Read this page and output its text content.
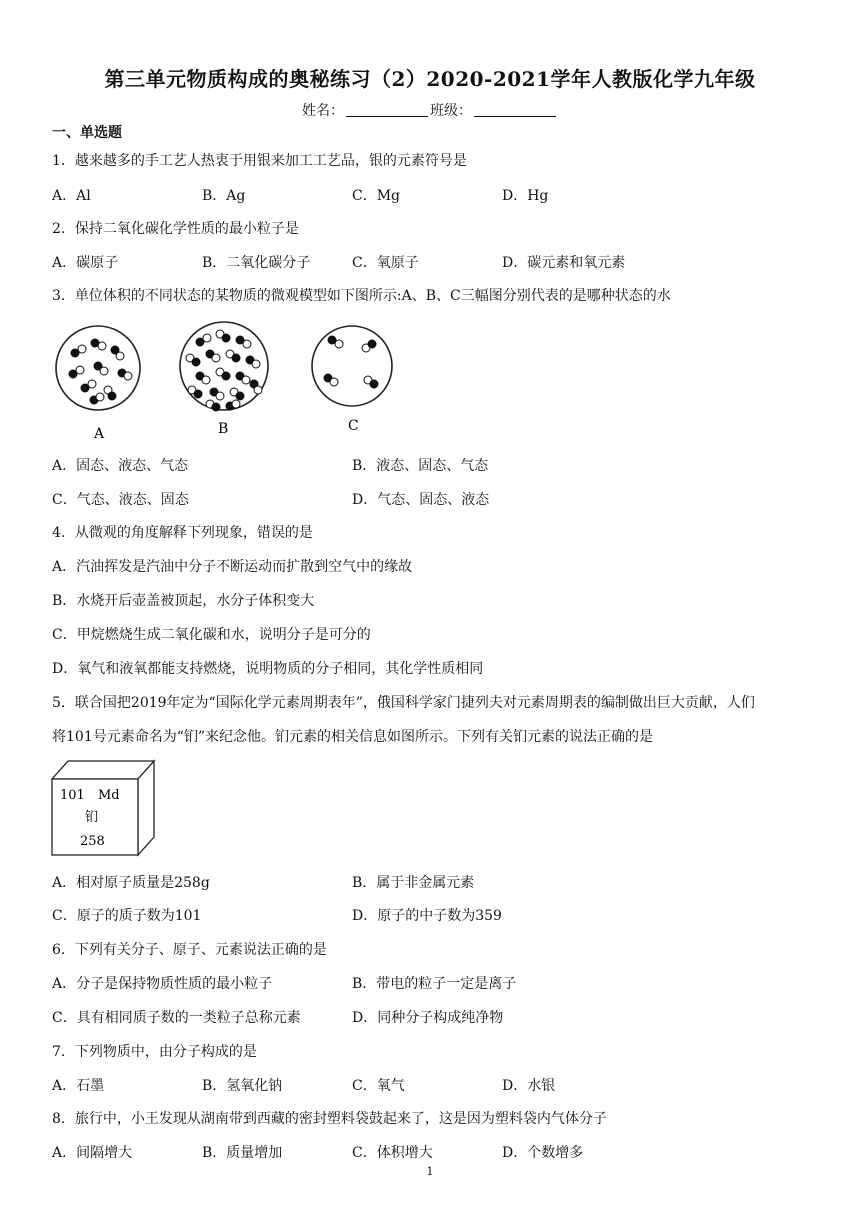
第三单元物质构成的奥秘练习（2）2020-2021学年人教版化学九年级
姓名：	班级：
一、单选题
1．越来越多的手工艺人热衷于用银来加工工艺品，银的元素符号是
A．Al	B．Ag	C．Mg	D．Hg
2．保持二氧化碳化学性质的最小粒子是
A．碳原子	B．二氧化碳分子	C．氧原子	D．碳元素和氧元素
3．单位体积的不同状态的某物质的微观模型如下图所示:A、B、C三幅图分别代表的是哪种状态的水
A	B	C
A．固态、液态、气态	B．液态、固态、气态
C．气态、液态、固态	D．气态、固态、液态
4．从微观的角度解释下列现象，错误的是
A．汽油挥发是汽油中分子不断运动而扩散到空气中的缘故
B．水烧开后壶盖被顶起，水分子体积变大
C．甲烷燃烧生成二氧化碳和水，说明分子是可分的
D．氧气和液氧都能支持燃烧，说明物质的分子相同，其化学性质相同
5．联合国把2019年定为“国际化学元素周期表年”，俄国科学家门捷列夫对元素周期表的编制做出巨大贡献，人们
将101号元素命名为“钔”来纪念他。钔元素的相关信息如图所示。下列有关钔元素的说法正确的是
101 Md
钔
258
A．相对原子质量是258g	B．属于非金属元素
C．原子的质子数为101	D．原子的中子数为359
6．下列有关分子、原子、元素说法正确的是
A．分子是保持物质性质的最小粒子	B．带电的粒子一定是离子
C．具有相同质子数的一类粒子总称元素	D．同种分子构成纯净物
7．下列物质中，由分子构成的是
A．石墨	B．氢氧化钠	C．氧气	D．水银
8．旅行中，小王发现从湖南带到西藏的密封塑料袋鼓起来了，这是因为塑料袋内气体分子
A．间隔增大	B．质量增加	C．体积增大	D．个数增多
1
